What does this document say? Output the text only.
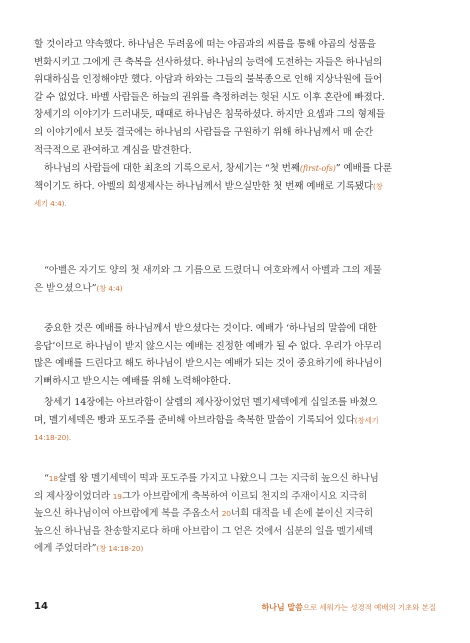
할 것이라고 약속했다. 하나님은 두려움에 떠는 야곱과의 씨름을 통해 야곱의 성품을
변화시키고 그에게 큰 축복을 선사하셨다. 하나님의 능력에 도전하는 자들은 하나님의
위대하심을 인정해야만 했다. 아담과 하와는 그들의 불복종으로 인해 지상낙원에 들어
갈 수 없었다. 바벨 사람들은 하늘의 권위를 측정하려는 헛된 시도 이후 혼란에 빠졌다.
창세기의 이야기가 드러내듯, 때때로 하나님은 침묵하셨다. 하지만 요셉과 그의 형제들
의 이야기에서 보듯 결국에는 하나님의 사람들을 구원하기 위해 하나님께서 매 순간
적극적으로 관여하고 계심을 발견한다.
하나님의 사람들에 대한 최초의 기록으로서, 창세기는 “첫 번째(first-ofs)” 예배를 다룬
책이기도 하다. 아벨의 희생제사는 하나님께서 받으실만한 첫 번째 예배로 기록됐다(창
세기 4:4).
“아벨은 자기도 양의 첫 새끼와 그 기름으로 드렸더니 여호와께서 아벨과 그의 제물
은 받으셨으나”(창 4:4)
중요한 것은 예배를 하나님께서 받으셨다는 것이다. 예배가 ‘하나님의 말씀에 대한
응답’이므로 하나님이 받지 않으시는 예배는 진정한 예배가 될 수 없다. 우리가 아무리
많은 예배를 드린다고 해도 하나님이 받으시는 예배가 되는 것이 중요하기에 하나님이
기뻐하시고 받으시는 예배를 위해 노력해야한다.
창세기 14장에는 아브라함이 살렘의 제사장이었던 멜기세덱에게 십일조를 바쳤으
며, 멜기세덱은 빵과 포도주를 준비해 아브라함을 축복한 말씀이 기록되어 있다(창세기
14:18-20).
“18살렘 왕 멜기세덱이 떡과 포도주를 가지고 나왔으니 그는 지극히 높으신 하나님
의 제사장이었더라 19그가 아브람에게 축복하여 이르되 천지의 주재이시요 지극히
높으신 하나님이여 아브람에게 복을 주옵소서 20너희 대적을 네 손에 붙이신 지극히
높으신 하나님을 찬송할지로다 하매 아브람이 그 얻은 것에서 십분의 일을 멜기세덱
에게 주었더라”(창 14:18-20)
14	하나님 말씀으로 세워가는 성경적 예배의 기초와 본질
